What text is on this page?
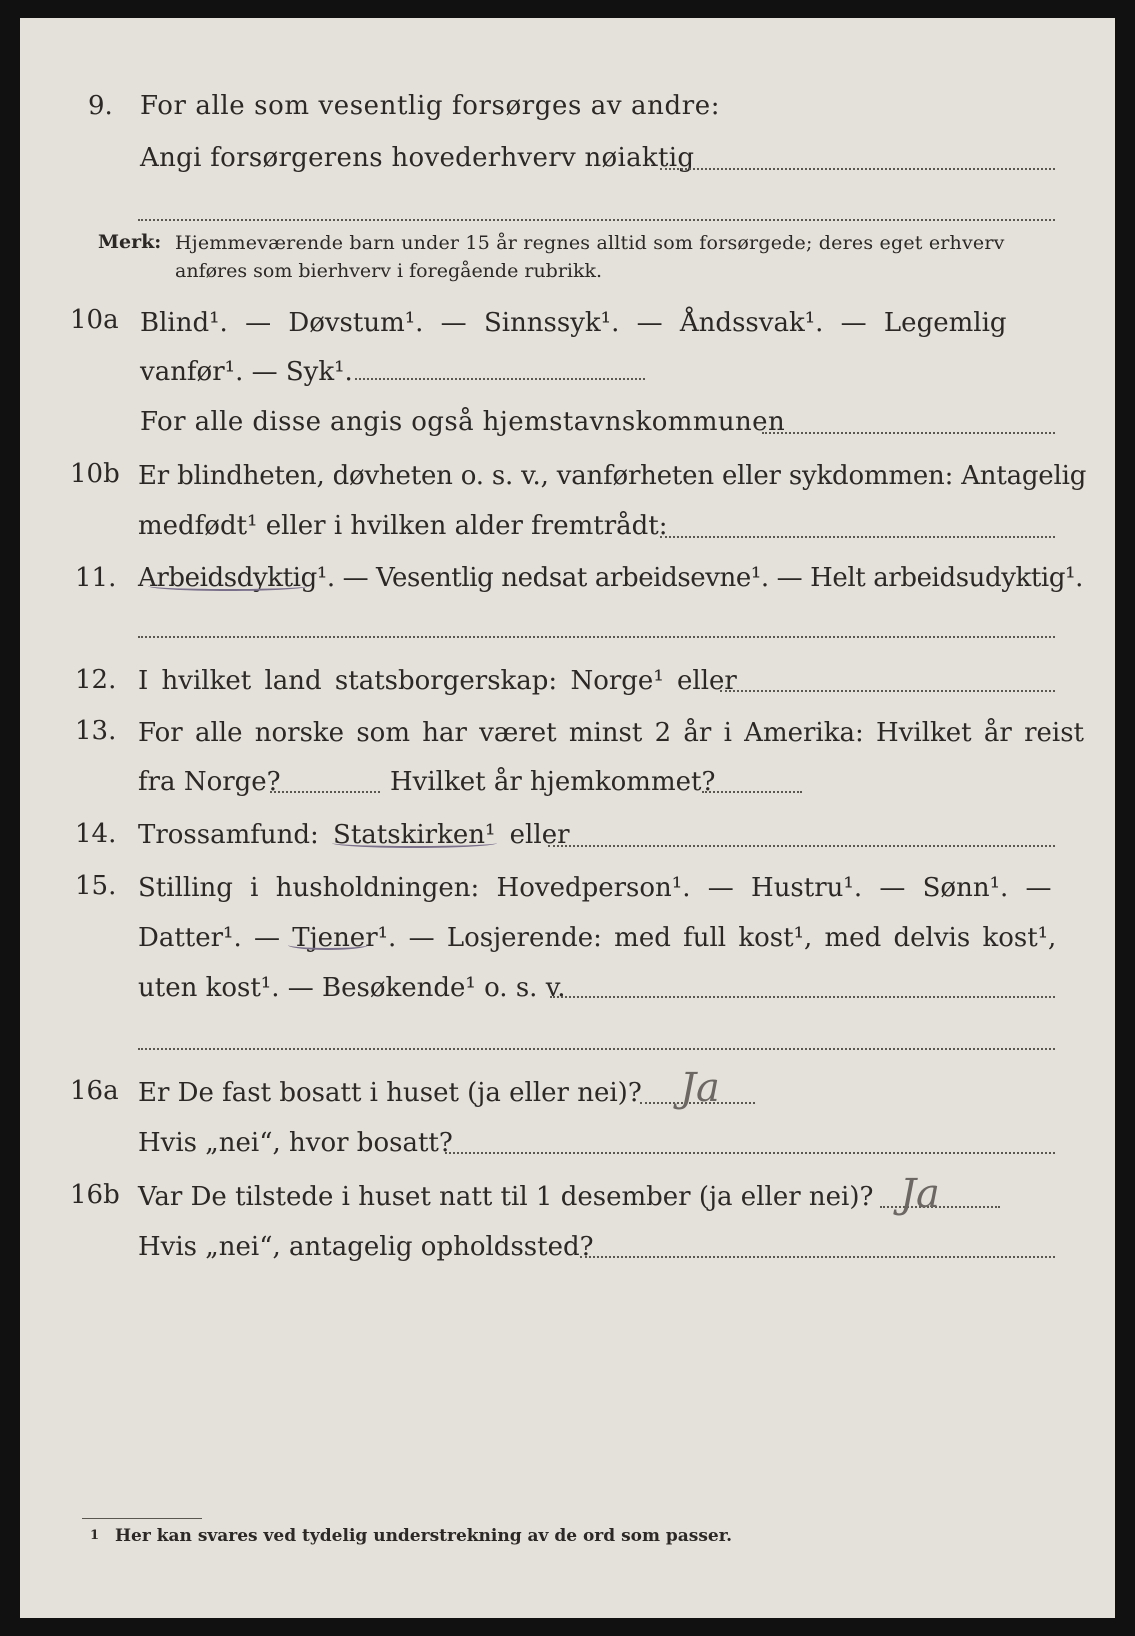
9. For alle som vesentlig forsørges av andre:
Angi forsørgerens hovederhverv nøiaktig
Merk: Hjemmeværende barn under 15 år regnes alltid som forsørgede; deres eget erhverv
anføres som bierhverv i foregående rubrikk.
10a Blind¹. — Døvstum¹. — Sinnssyk¹. — Åndssvak¹. — Legemlig
vanfør¹. — Syk¹.
For alle disse angis også hjemstavnskommunen
10b Er blindheten, døvheten o. s. v., vanførheten eller sykdommen: Antagelig
medfødt¹ eller i hvilken alder fremtrådt:
11. Arbeidsdyktig¹. — Vesentlig nedsat arbeidsevne¹. — Helt arbeidsudyktig¹.
12. I hvilket land statsborgerskap: Norge¹ eller
13. For alle norske som har været minst 2 år i Amerika: Hvilket år reist
fra Norge?	Hvilket år hjemkommet?
14. Trossamfund: Statskirken¹ eller
15. Stilling i husholdningen: Hovedperson¹. — Hustru¹. — Sønn¹. —
Datter¹. — Tjener¹. — Losjerende: med full kost¹, med delvis kost¹,
uten kost¹. — Besøkende¹ o. s. v.
16a Er De fast bosatt i huset (ja eller nei)? Ja
Hvis „nei“, hvor bosatt?
16b Var De tilstede i huset natt til 1 desember (ja eller nei)? Ja
Hvis „nei“, antagelig opholdssted?
1 Her kan svares ved tydelig understrekning av de ord som passer.
